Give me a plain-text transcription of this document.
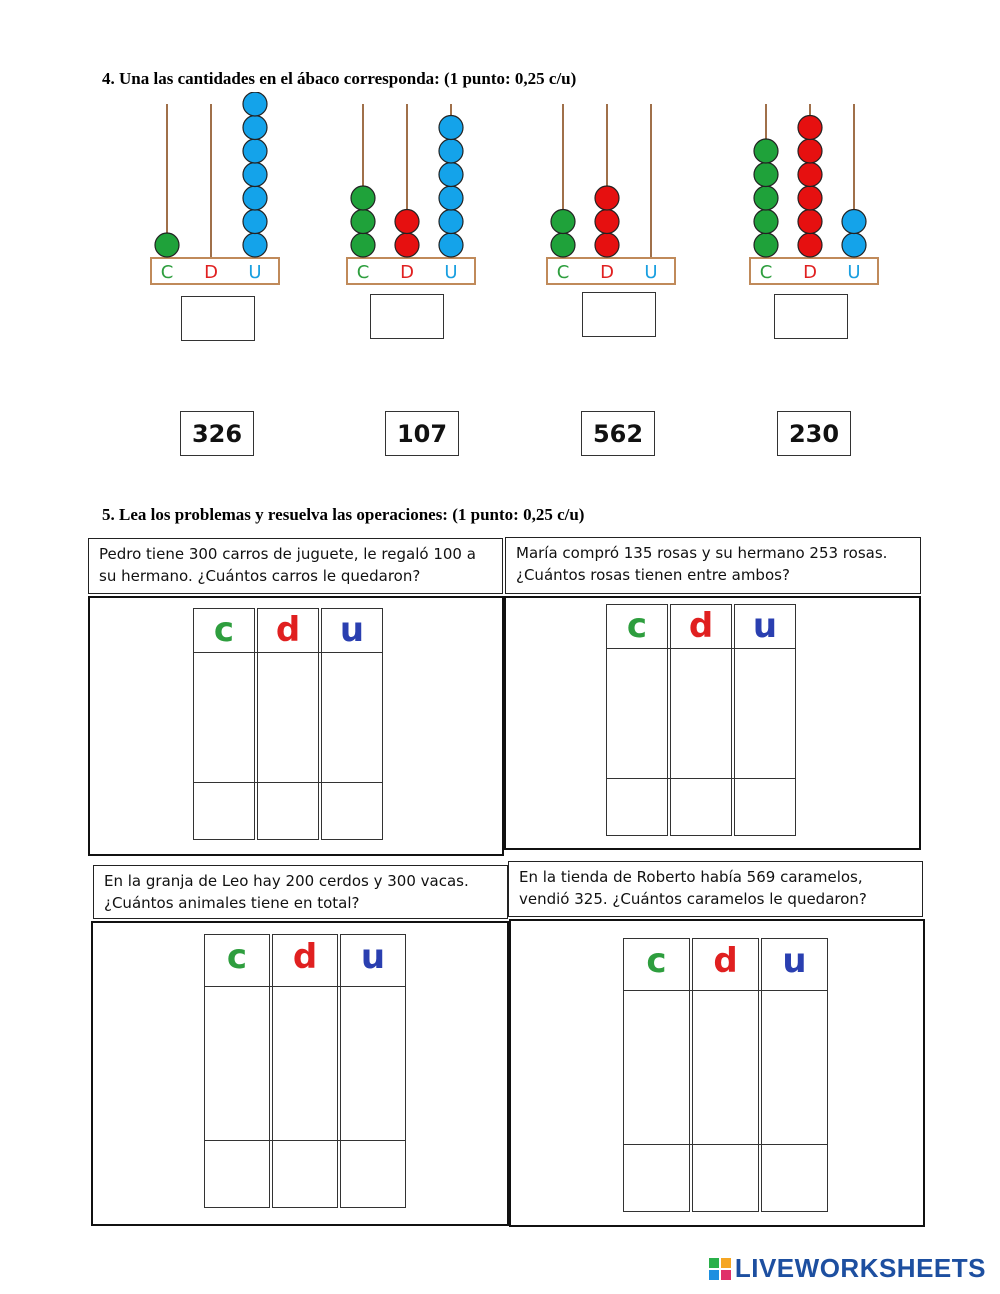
4. Una las cantidades en el ábaco corresponda: (1 punto: 0,25 c/u)
C D U	C D U	C D U	C D U
326	107	562	230
5. Lea los problemas y resuelva las operaciones: (1 punto: 0,25 c/u)
Pedro tiene 300 carros de juguete, le regaló 100 a su hermano. ¿Cuántos carros le quedaron?
c	d	u
María compró 135 rosas y su hermano 253 rosas. ¿Cuántos rosas tienen entre ambos?
c	d	u
En la granja de Leo hay 200 cerdos y 300 vacas. ¿Cuántos animales tiene en total?
c	d	u
En la tienda de Roberto había 569 caramelos, vendió 325. ¿Cuántos caramelos le quedaron?
c	d	u
LIVEWORKSHEETS
